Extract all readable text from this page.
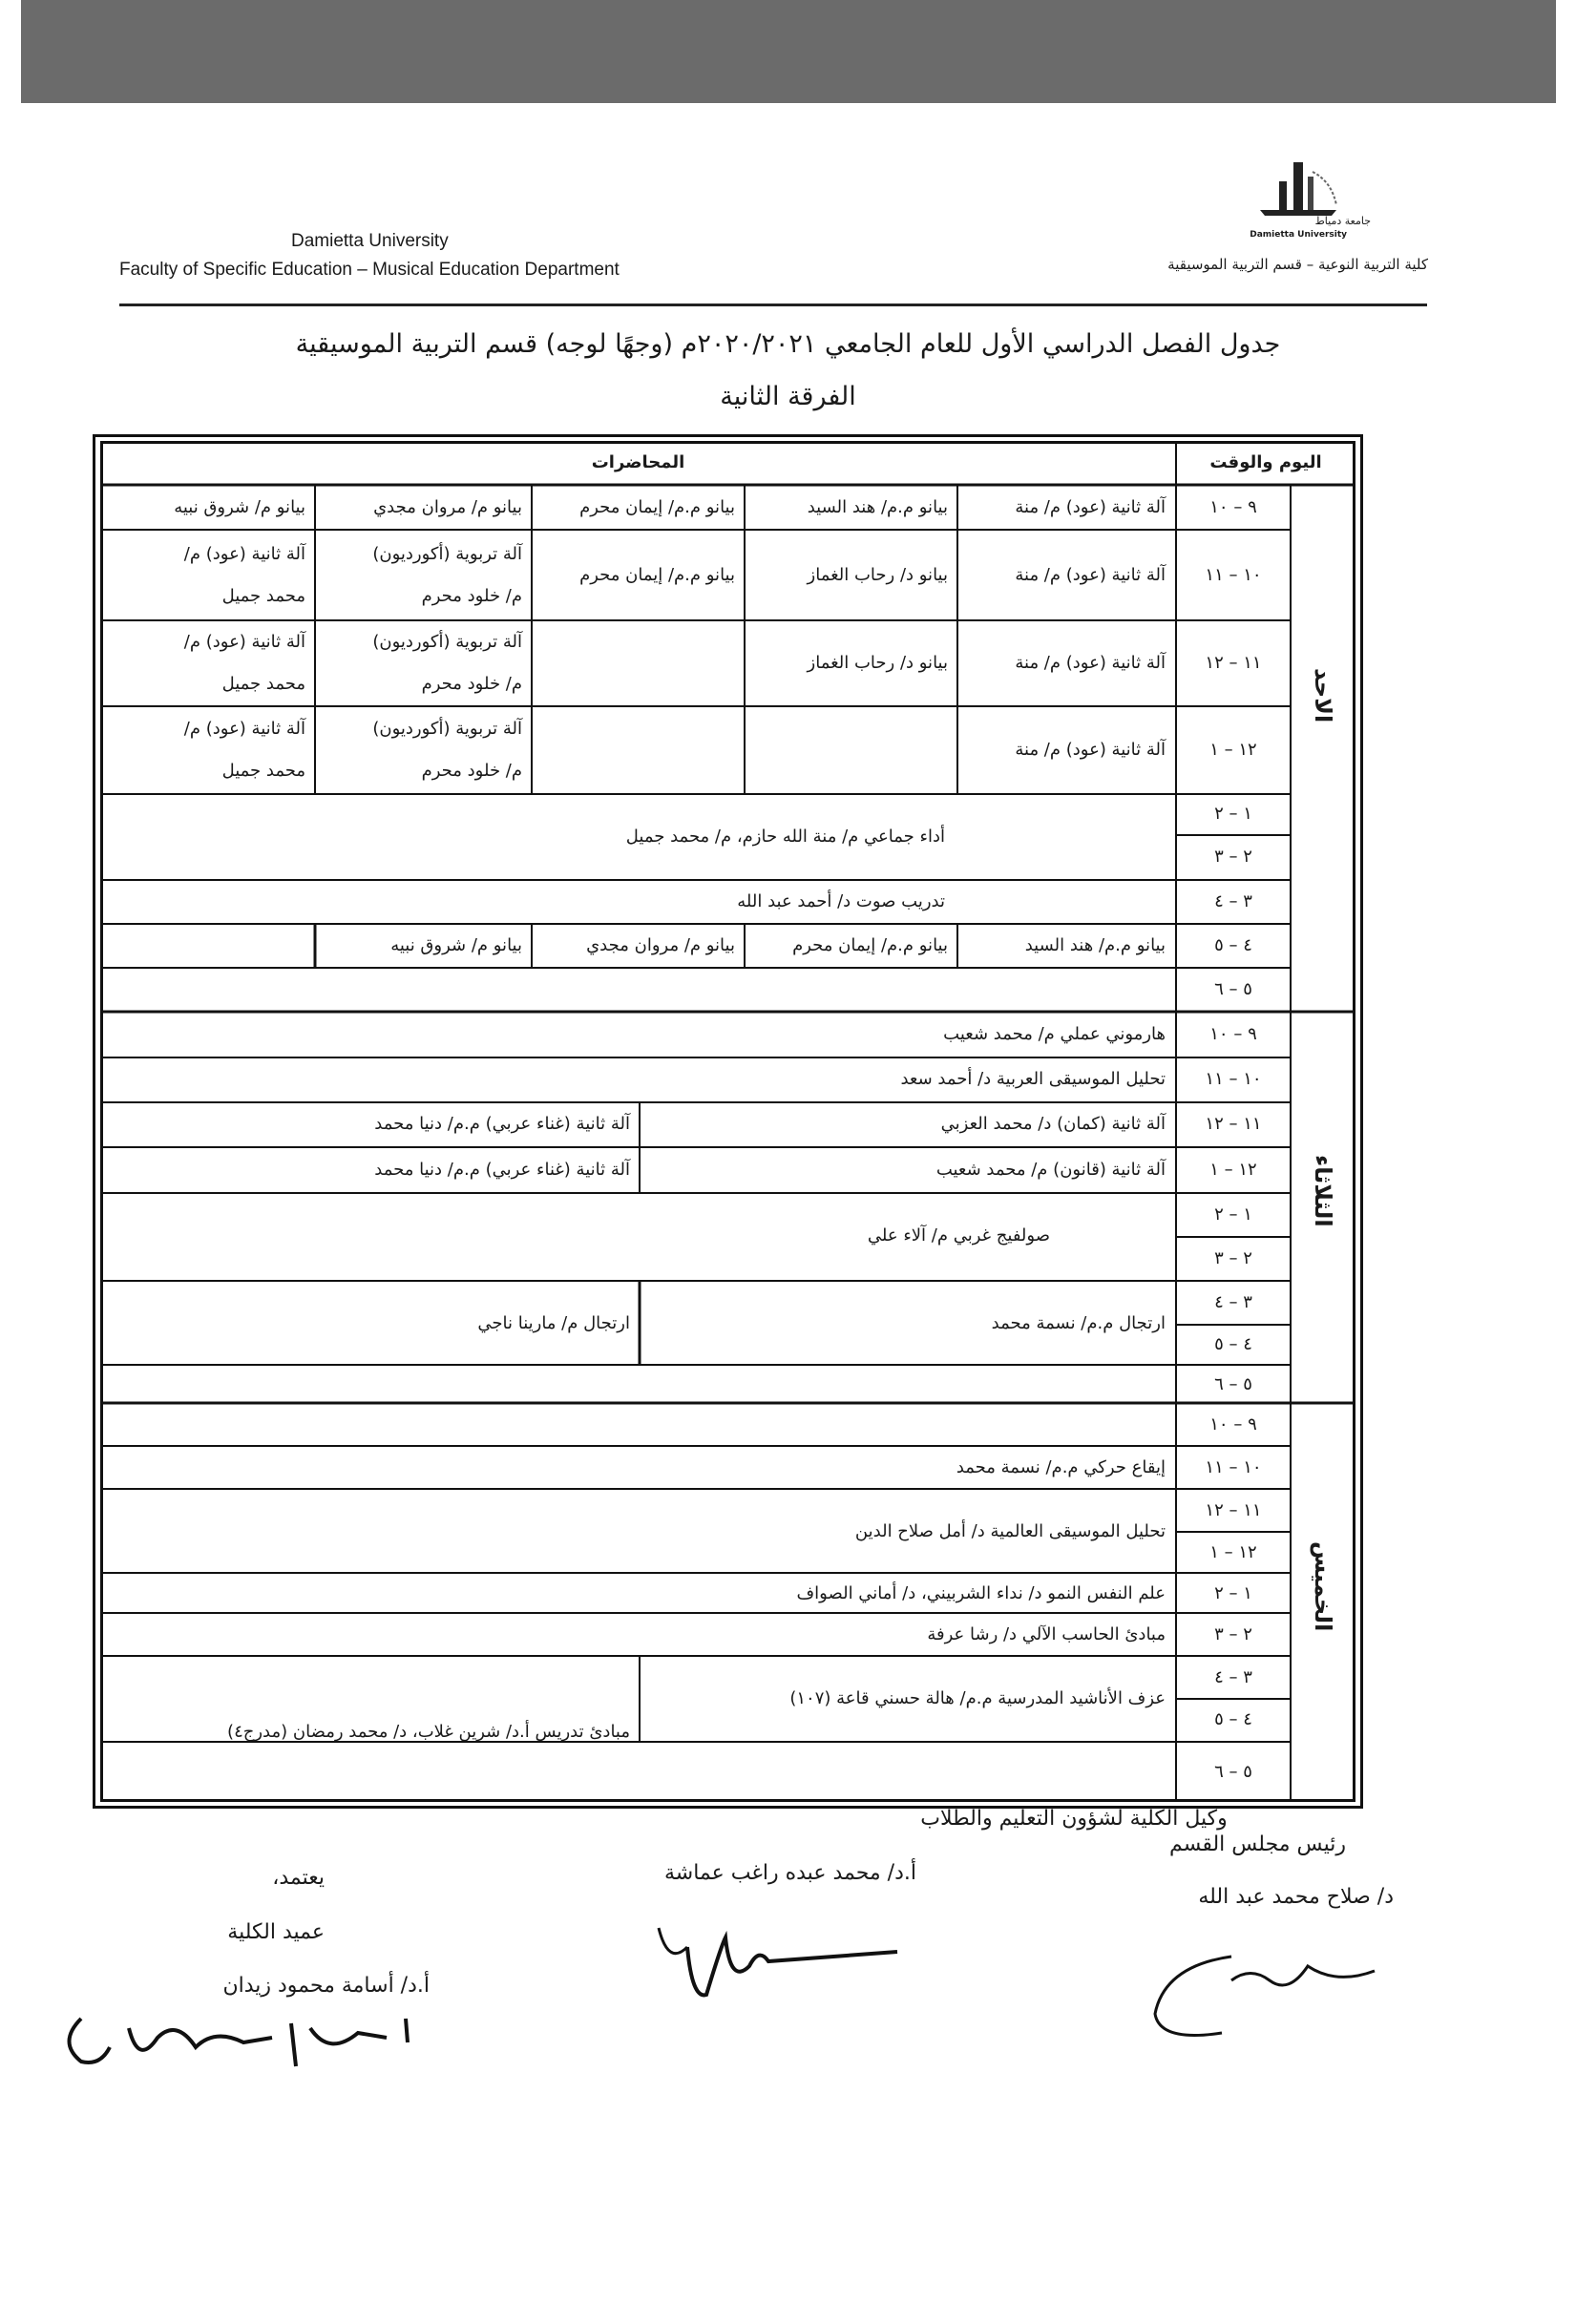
Damietta University
Faculty of Specific Education – Musical Education Department
جامعة دمياط
Damietta University
كلية التربية النوعية – قسم التربية الموسيقية
جدول الفصل الدراسي الأول للعام الجامعي ٢٠٢٠/٢٠٢١م (وجهًا لوجه) قسم التربية الموسيقية
الفرقة الثانية
اليوم والوقت
المحاضرات
الاحد
الثلاثاء
الخميس
٩ – ١٠
١٠ – ١١
١١ – ١٢
١٢ – ١
١ – ٢
٢ – ٣
٣ – ٤
٤ – ٥
٥ – ٦
آلة ثانية (عود) م/ منة
بيانو م.م/ هند السيد
بيانو م.م/ إيمان محرم
بيانو م/ مروان مجدي
بيانو م/ شروق نبيه
آلة ثانية (عود) م/ منة
بيانو د/ رحاب الغماز
بيانو م.م/ إيمان محرم
آلة تربوية (أكورديون)
م/ خلود محرم
آلة ثانية (عود) م/
محمد جميل
آلة ثانية (عود) م/ منة
بيانو د/ رحاب الغماز
آلة تربوية (أكورديون)
م/ خلود محرم
آلة ثانية (عود) م/
محمد جميل
آلة ثانية (عود) م/ منة
آلة تربوية (أكورديون)
م/ خلود محرم
آلة ثانية (عود) م/
محمد جميل
أداء جماعي م/ منة الله حازم، م/ محمد جميل
تدريب صوت د/ أحمد عبد الله
بيانو م.م/ هند السيد
بيانو م.م/ إيمان محرم
بيانو م/ مروان مجدي
بيانو م/ شروق نبيه
٩ – ١٠
١٠ – ١١
١١ – ١٢
١٢ – ١
١ – ٢
٢ – ٣
٣ – ٤
٤ – ٥
٥ – ٦
هارموني عملي م/ محمد شعيب
تحليل الموسيقى العربية د/ أحمد سعد
آلة ثانية (كمان) د/ محمد العزبي
آلة ثانية (غناء عربي) م.م/ دنيا محمد
آلة ثانية (قانون) م/ محمد شعيب
آلة ثانية (غناء عربي) م.م/ دنيا محمد
صولفيج غربي م/ آلاء علي
ارتجال م.م/ نسمة محمد
ارتجال م/ مارينا ناجي
٩ – ١٠
١٠ – ١١
١١ – ١٢
١٢ – ١
١ – ٢
٢ – ٣
٣ – ٤
٤ – ٥
٥ – ٦
إيقاع حركي م.م/ نسمة محمد
تحليل الموسيقى العالمية د/ أمل صلاح الدين
علم النفس النمو د/ نداء الشربيني، د/ أماني الصواف
مبادئ الحاسب الآلي د/ رشا عرفة
عزف الأناشيد المدرسية م.م/ هالة حسني قاعة (١٠٧)
مبادئ تدريس أ.د/ شرين غلاب، د/ محمد رمضان (مدرج٤)
وكيل الكلية لشؤون التعليم والطلاب
أ.د/ محمد عبده راغب عماشة
رئيس مجلس القسم
د/ صلاح محمد عبد الله
يعتمد،
عميد الكلية
أ.د/ أسامة محمود زيدان
